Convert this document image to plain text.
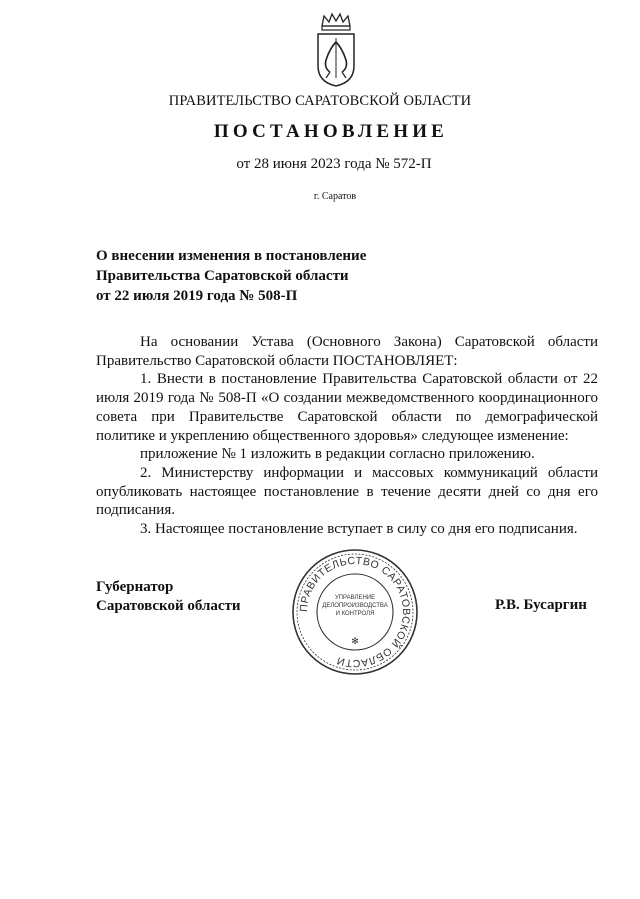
ПРАВИТЕЛЬСТВО САРАТОВСКОЙ ОБЛАСТИ
ПОСТАНОВЛЕНИЕ
от 28 июня 2023 года № 572-П
г. Саратов
О внесении изменения в постановление
Правительства Саратовской области
от 22 июля 2019 года № 508-П

На основании Устава (Основного Закона) Саратовской области Правительство Саратовской области ПОСТАНОВЛЯЕТ:

1. Внести в постановление Правительства Саратовской области от 22 июля 2019 года № 508-П «О создании межведомственного координационного совета при Правительстве Саратовской области по демографической политике и укреплению общественного здоровья» следующее изменение:

приложение № 1 изложить в редакции согласно приложению.

2. Министерству информации и массовых коммуникаций области опубликовать настоящее постановление в течение десяти дней со дня его подписания.

3. Настоящее постановление вступает в силу со дня его подписания.

Губернатор
Саратовской области	Р.В. Бусаргин
ПРАВИТЕЛЬСТВО САРАТОВСКОЙ ОБЛАСТИ
УПРАВЛЕНИЕ ДЕЛОПРОИЗВОДСТВА И КОНТРОЛЯ
✻
